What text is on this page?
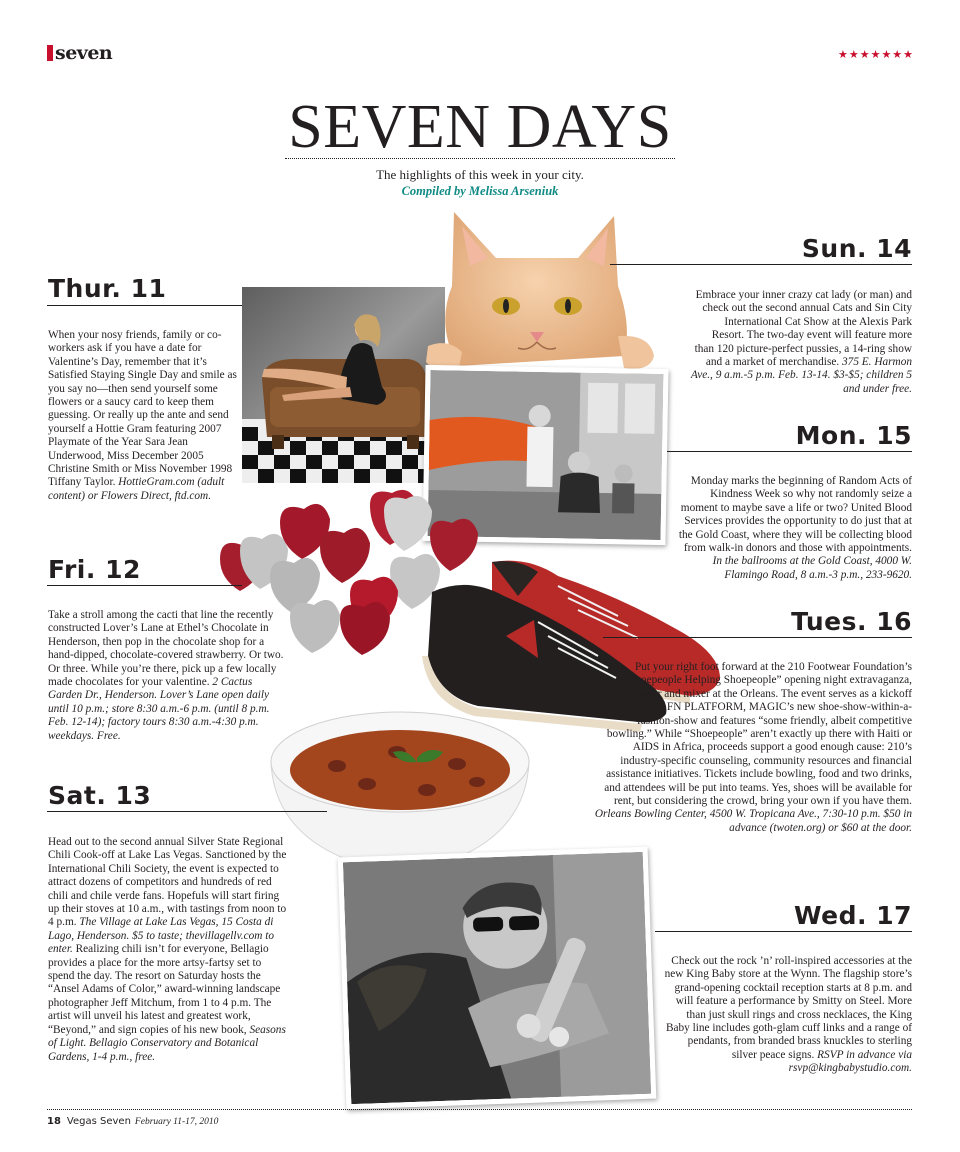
seven	★★★★★★★
SEVEN DAYS
The highlights of this week in your city.
Compiled by Melissa Arseniuk
Thur. 11
When your nosy friends, family or co-workers ask if you have a date for Valentine’s Day, remember that it’s Satisfied Staying Single Day and smile as you say no—then send yourself some flowers or a saucy card to keep them guessing. Or really up the ante and send yourself a Hottie Gram featuring 2007 Playmate of the Year Sara Jean Underwood, Miss December 2005 Christine Smith or Miss November 1998 Tiffany Taylor. HottieGram.com (adult content) or Flowers Direct, ftd.com.
Fri. 12
Take a stroll among the cacti that line the recently constructed Lover’s Lane at Ethel’s Chocolate in Henderson, then pop in the chocolate shop for a hand-dipped, chocolate-covered strawberry. Or two. Or three. While you’re there, pick up a few locally made chocolates for your valentine. 2 Cactus Garden Dr., Henderson. Lover’s Lane open daily until 10 p.m.; store 8:30 a.m.-6 p.m. (until 8 p.m. Feb. 12-14); factory tours 8:30 a.m.-4:30 p.m. weekdays. Free.
Sat. 13
Head out to the second annual Silver State Regional Chili Cook-off at Lake Las Vegas. Sanctioned by the International Chili Society, the event is expected to attract dozens of competitors and hundreds of red chili and chile verde fans. Hopefuls will start firing up their stoves at 10 a.m., with tastings from noon to 4 p.m. The Village at Lake Las Vegas, 15 Costa di Lago, Henderson. $5 to taste; thevillagellv.com to enter. Realizing chili isn’t for everyone, Bellagio provides a place for the more artsy-fartsy set to spend the day. The resort on Saturday hosts the “Ansel Adams of Color,” award-winning landscape photographer Jeff Mitchum, from 1 to 4 p.m. The artist will unveil his latest and greatest work, “Beyond,” and sign copies of his new book, Seasons of Light. Bellagio Conservatory and Botanical Gardens, 1-4 p.m., free.
Sun. 14
Embrace your inner crazy cat lady (or man) and check out the second annual Cats and Sin City International Cat Show at the Alexis Park Resort. The two-day event will feature more than 120 picture-perfect pussies, a 14-ring show and a market of merchandise. 375 E. Harmon Ave., 9 a.m.-5 p.m. Feb. 13-14. $3-$5; children 5 and under free.
Mon. 15
Monday marks the beginning of Random Acts of Kindness Week so why not randomly seize a moment to maybe save a life or two? United Blood Services provides the opportunity to do just that at the Gold Coast, where they will be collecting blood from walk-in donors and those with appointments. In the ballrooms at the Gold Coast, 4000 W. Flamingo Road, 8 a.m.-3 p.m., 233-9620.
Tues. 16
Put your right foot forward at the 210 Footwear Foundation’s “Shoepeople Helping Shoepeople” opening night extravaganza, fundraiser and mixer at the Orleans. The event serves as a kickoff party for FN PLATFORM, MAGIC’s new shoe-show-within-a-fashion-show and features “some friendly, albeit competitive bowling.” While “Shoepeople” aren’t exactly up there with Haiti or AIDS in Africa, proceeds support a good enough cause: 210’s industry-specific counseling, community resources and financial assistance initiatives. Tickets include bowling, food and two drinks, and attendees will be put into teams. Yes, shoes will be available for rent, but considering the crowd, bring your own if you have them. Orleans Bowling Center, 4500 W. Tropicana Ave., 7:30-10 p.m. $50 in advance (twoten.org) or $60 at the door.
Wed. 17
Check out the rock ’n’ roll-inspired accessories at the new King Baby store at the Wynn. The flagship store’s grand-opening cocktail reception starts at 8 p.m. and will feature a performance by Smitty on Steel. More than just skull rings and cross necklaces, the King Baby line includes goth-glam cuff links and a range of pendants, from branded brass knuckles to sterling silver peace signs. RSVP in advance via rsvp@kingbabystudio.com.
18 Vegas Seven February 11-17, 2010
